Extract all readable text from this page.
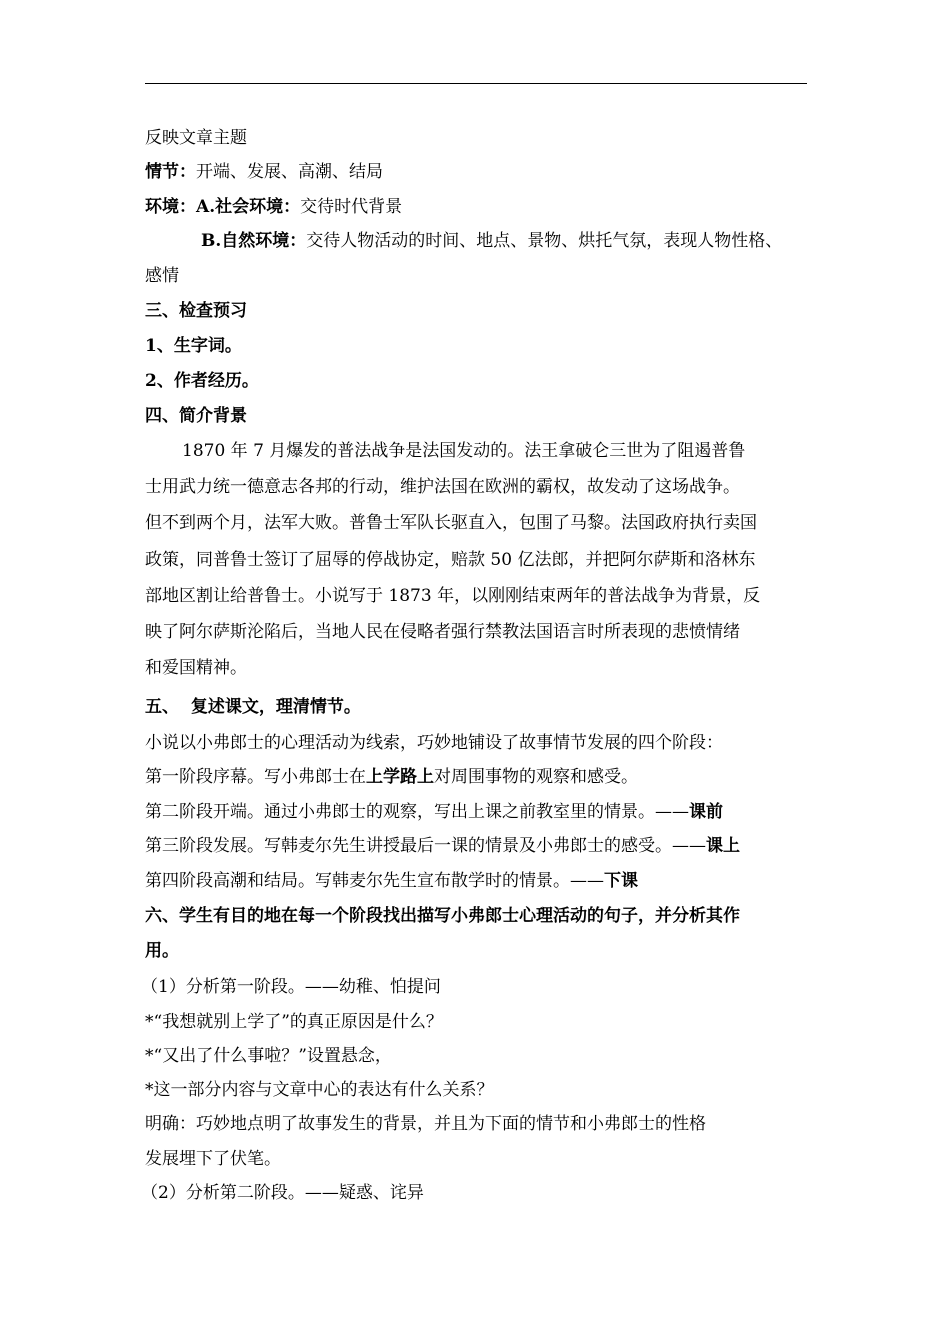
反映文章主题
情节：开端、发展、高潮、结局
环境：A.社会环境：交待时代背景
B.自然环境：交待人物活动的时间、地点、景物、烘托气氛，表现人物性格、
感情
三、检查预习
1、生字词。
2、作者经历。
四、简介背景
1870 年 7 月爆发的普法战争是法国发动的。法王拿破仑三世为了阻遏普鲁
士用武力统一德意志各邦的行动，维护法国在欧洲的霸权，故发动了这场战争。
但不到两个月，法军大败。普鲁士军队长驱直入，包围了马黎。法国政府执行卖国
政策，同普鲁士签订了屈辱的停战协定，赔款 50 亿法郎，并把阿尔萨斯和洛林东
部地区割让给普鲁士。小说写于 1873 年，以刚刚结束两年的普法战争为背景，反
映了阿尔萨斯沦陷后，当地人民在侵略者强行禁教法国语言时所表现的悲愤情绪
和爱国精神。
五、  复述课文，理清情节。
小说以小弗郎士的心理活动为线索，巧妙地铺设了故事情节发展的四个阶段：
第一阶段序幕。写小弗郎士在上学路上对周围事物的观察和感受。
第二阶段开端。通过小弗郎士的观察，写出上课之前教室里的情景。——课前
第三阶段发展。写韩麦尔先生讲授最后一课的情景及小弗郎士的感受。——课上
第四阶段高潮和结局。写韩麦尔先生宣布散学时的情景。——下课
六、学生有目的地在每一个阶段找出描写小弗郎士心理活动的句子，并分析其作
用。
（1）分析第一阶段。——幼稚、怕提问
*“我想就别上学了”的真正原因是什么？
*“又出了什么事啦？”设置悬念，
*这一部分内容与文章中心的表达有什么关系？
明确：巧妙地点明了故事发生的背景，并且为下面的情节和小弗郎士的性格
发展埋下了伏笔。
（2）分析第二阶段。——疑惑、诧异
